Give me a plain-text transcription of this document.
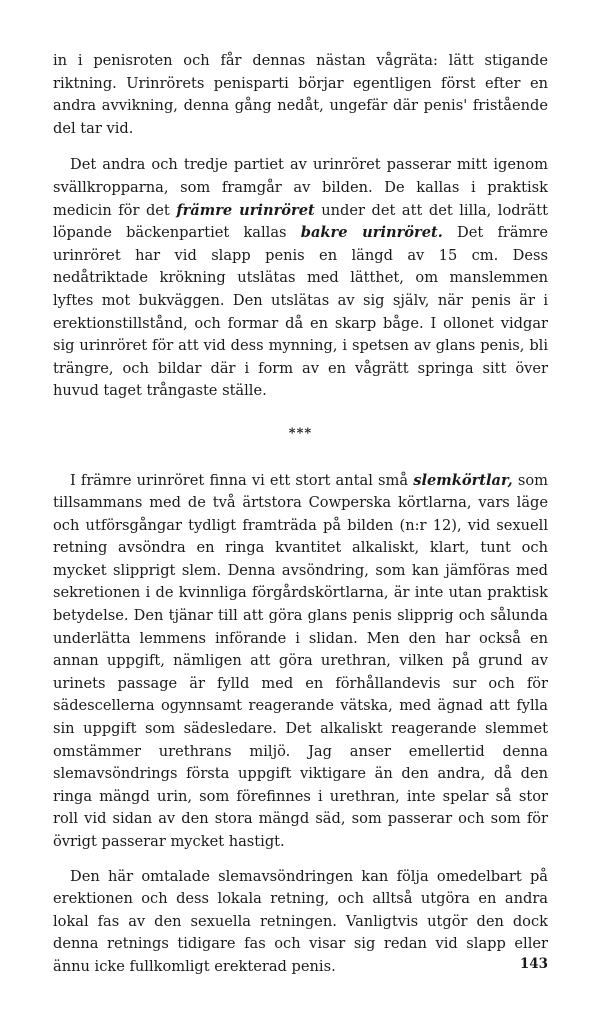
in i penisroten och får dennas nästan vågräta: lätt stigande riktning. Urinrörets penisparti börjar egentligen först efter en andra avvikning, denna gång nedåt, ungefär där penis' fristående del tar vid.

Det andra och tredje partiet av urinröret passerar mitt igenom svällkropparna, som framgår av bilden. De kallas i praktisk medicin för det främre urinröret under det att det lilla, lodrätt löpande bäckenpartiet kallas bakre urinröret. Det främre urinröret har vid slapp penis en längd av 15 cm. Dess nedåtriktade krökning utslätas med lätthet, om manslemmen lyftes mot bukväggen. Den utslätas av sig själv, när penis är i erektionstillstånd, och formar då en skarp båge. I ollonet vidgar sig urinröret för att vid dess mynning, i spetsen av glans penis, bli trängre, och bildar där i form av en vågrätt springa sitt över huvud taget trångaste ställe.

***

I främre urinröret finna vi ett stort antal små slemkörtlar, som tillsammans med de två ärtstora Cowperska körtlarna, vars läge och utförsgångar tydligt framträda på bilden (n:r 12), vid sexuell retning avsöndra en ringa kvantitet alkaliskt, klart, tunt och mycket slipprigt slem. Denna avsöndring, som kan jämföras med sekretionen i de kvinnliga förgårdskörtlarna, är inte utan praktisk betydelse. Den tjänar till att göra glans penis slipprig och sålunda underlätta lemmens införande i slidan. Men den har också en annan uppgift, nämligen att göra urethran, vilken på grund av urinets passage är fylld med en förhållandevis sur och för sädescellerna ogynnsamt reagerande vätska, med ägnad att fylla sin uppgift som sädesledare. Det alkaliskt reagerande slemmet omstämmer urethrans miljö. Jag anser emellertid denna slemavsöndrings första uppgift viktigare än den andra, då den ringa mängd urin, som förefinnes i urethran, inte spelar så stor roll vid sidan av den stora mängd säd, som passerar och som för övrigt passerar mycket hastigt.

Den här omtalade slemavsöndringen kan följa omedelbart på erektionen och dess lokala retning, och alltså utgöra en andra lokal fas av den sexuella retningen. Vanligtvis utgör den dock denna retnings tidigare fas och visar sig redan vid slapp eller ännu icke fullkomligt erekterad penis.	143
